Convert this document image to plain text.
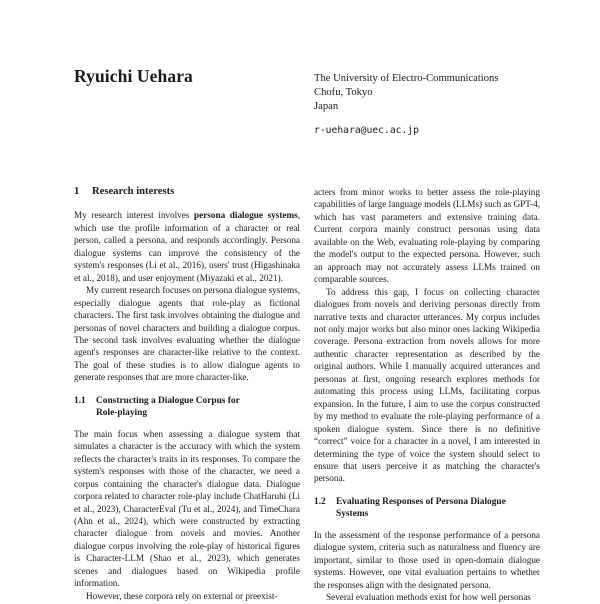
Ryuichi Uehara	The University of Electro-Communications
Chofu, Tokyo
Japan
r-uehara@uec.ac.jp
1	Research interests

My research interest involves persona dialogue systems, which use the profile information of a character or real person, called a persona, and responds accordingly. Persona dialogue systems can improve the consistency of the system's responses (Li et al., 2016), users' trust (Higashinaka et al., 2018), and user enjoyment (Miyazaki et al., 2021).

My current research focuses on persona dialogue systems, especially dialogue agents that role-play as fictional characters. The first task involves obtaining the dialogue and personas of novel characters and building a dialogue corpus. The second task involves evaluating whether the dialogue agent's responses are character-like relative to the context. The goal of these studies is to allow dialogue agents to generate responses that are more character-like.

1.1	Constructing a Dialogue Corpus for
Role-playing

The main focus when assessing a dialogue system that simulates a character is the accuracy with which the system reflects the character's traits in its responses. To compare the system's responses with those of the character, we need a corpus containing the character's dialogue data. Dialogue corpora related to character role-play include ChatHaruhi (Li et al., 2023), CharacterEval (Tu et al., 2024), and TimeChara (Ahn et al., 2024), which were constructed by extracting character dialogue from novels and movies. Another dialogue corpus involving the role-play of historical figures is Character-LLM (Shao et al., 2023), which generates scenes and dialogues based on Wikipedia profile information.

However, these corpora rely on external or preexist-

acters from minor works to better assess the role-playing capabilities of large language models (LLMs) such as GPT-4, which has vast parameters and extensive training data. Current corpora mainly construct personas using data available on the Web, evaluating role-playing by comparing the model's output to the expected persona. However, such an approach may not accurately assess LLMs trained on comparable sources.

To address this gap, I focus on collecting character dialogues from novels and deriving personas directly from narrative texts and character utterances. My corpus includes not only major works but also minor ones lacking Wikipedia coverage. Persona extraction from novels allows for more authentic character representation as described by the original authors. While I manually acquired utterances and personas at first, ongoing research explores methods for automating this process using LLMs, facilitating corpus expansion. In the future, I aim to use the corpus constructed by my method to evaluate the role-playing performance of a spoken dialogue system. Since there is no definitive “correct” voice for a character in a novel, I am interested in determining the type of voice the system should select to ensure that users perceive it as matching the character's persona.

1.2	Evaluating Responses of Persona Dialogue
Systems

In the assessment of the response performance of a persona dialogue system, criteria such as naturalness and fluency are important, similar to those used in open-domain dialogue systems. However, one vital evaluation pertains to whether the responses align with the designated persona.

Several evaluation methods exist for how well personas
